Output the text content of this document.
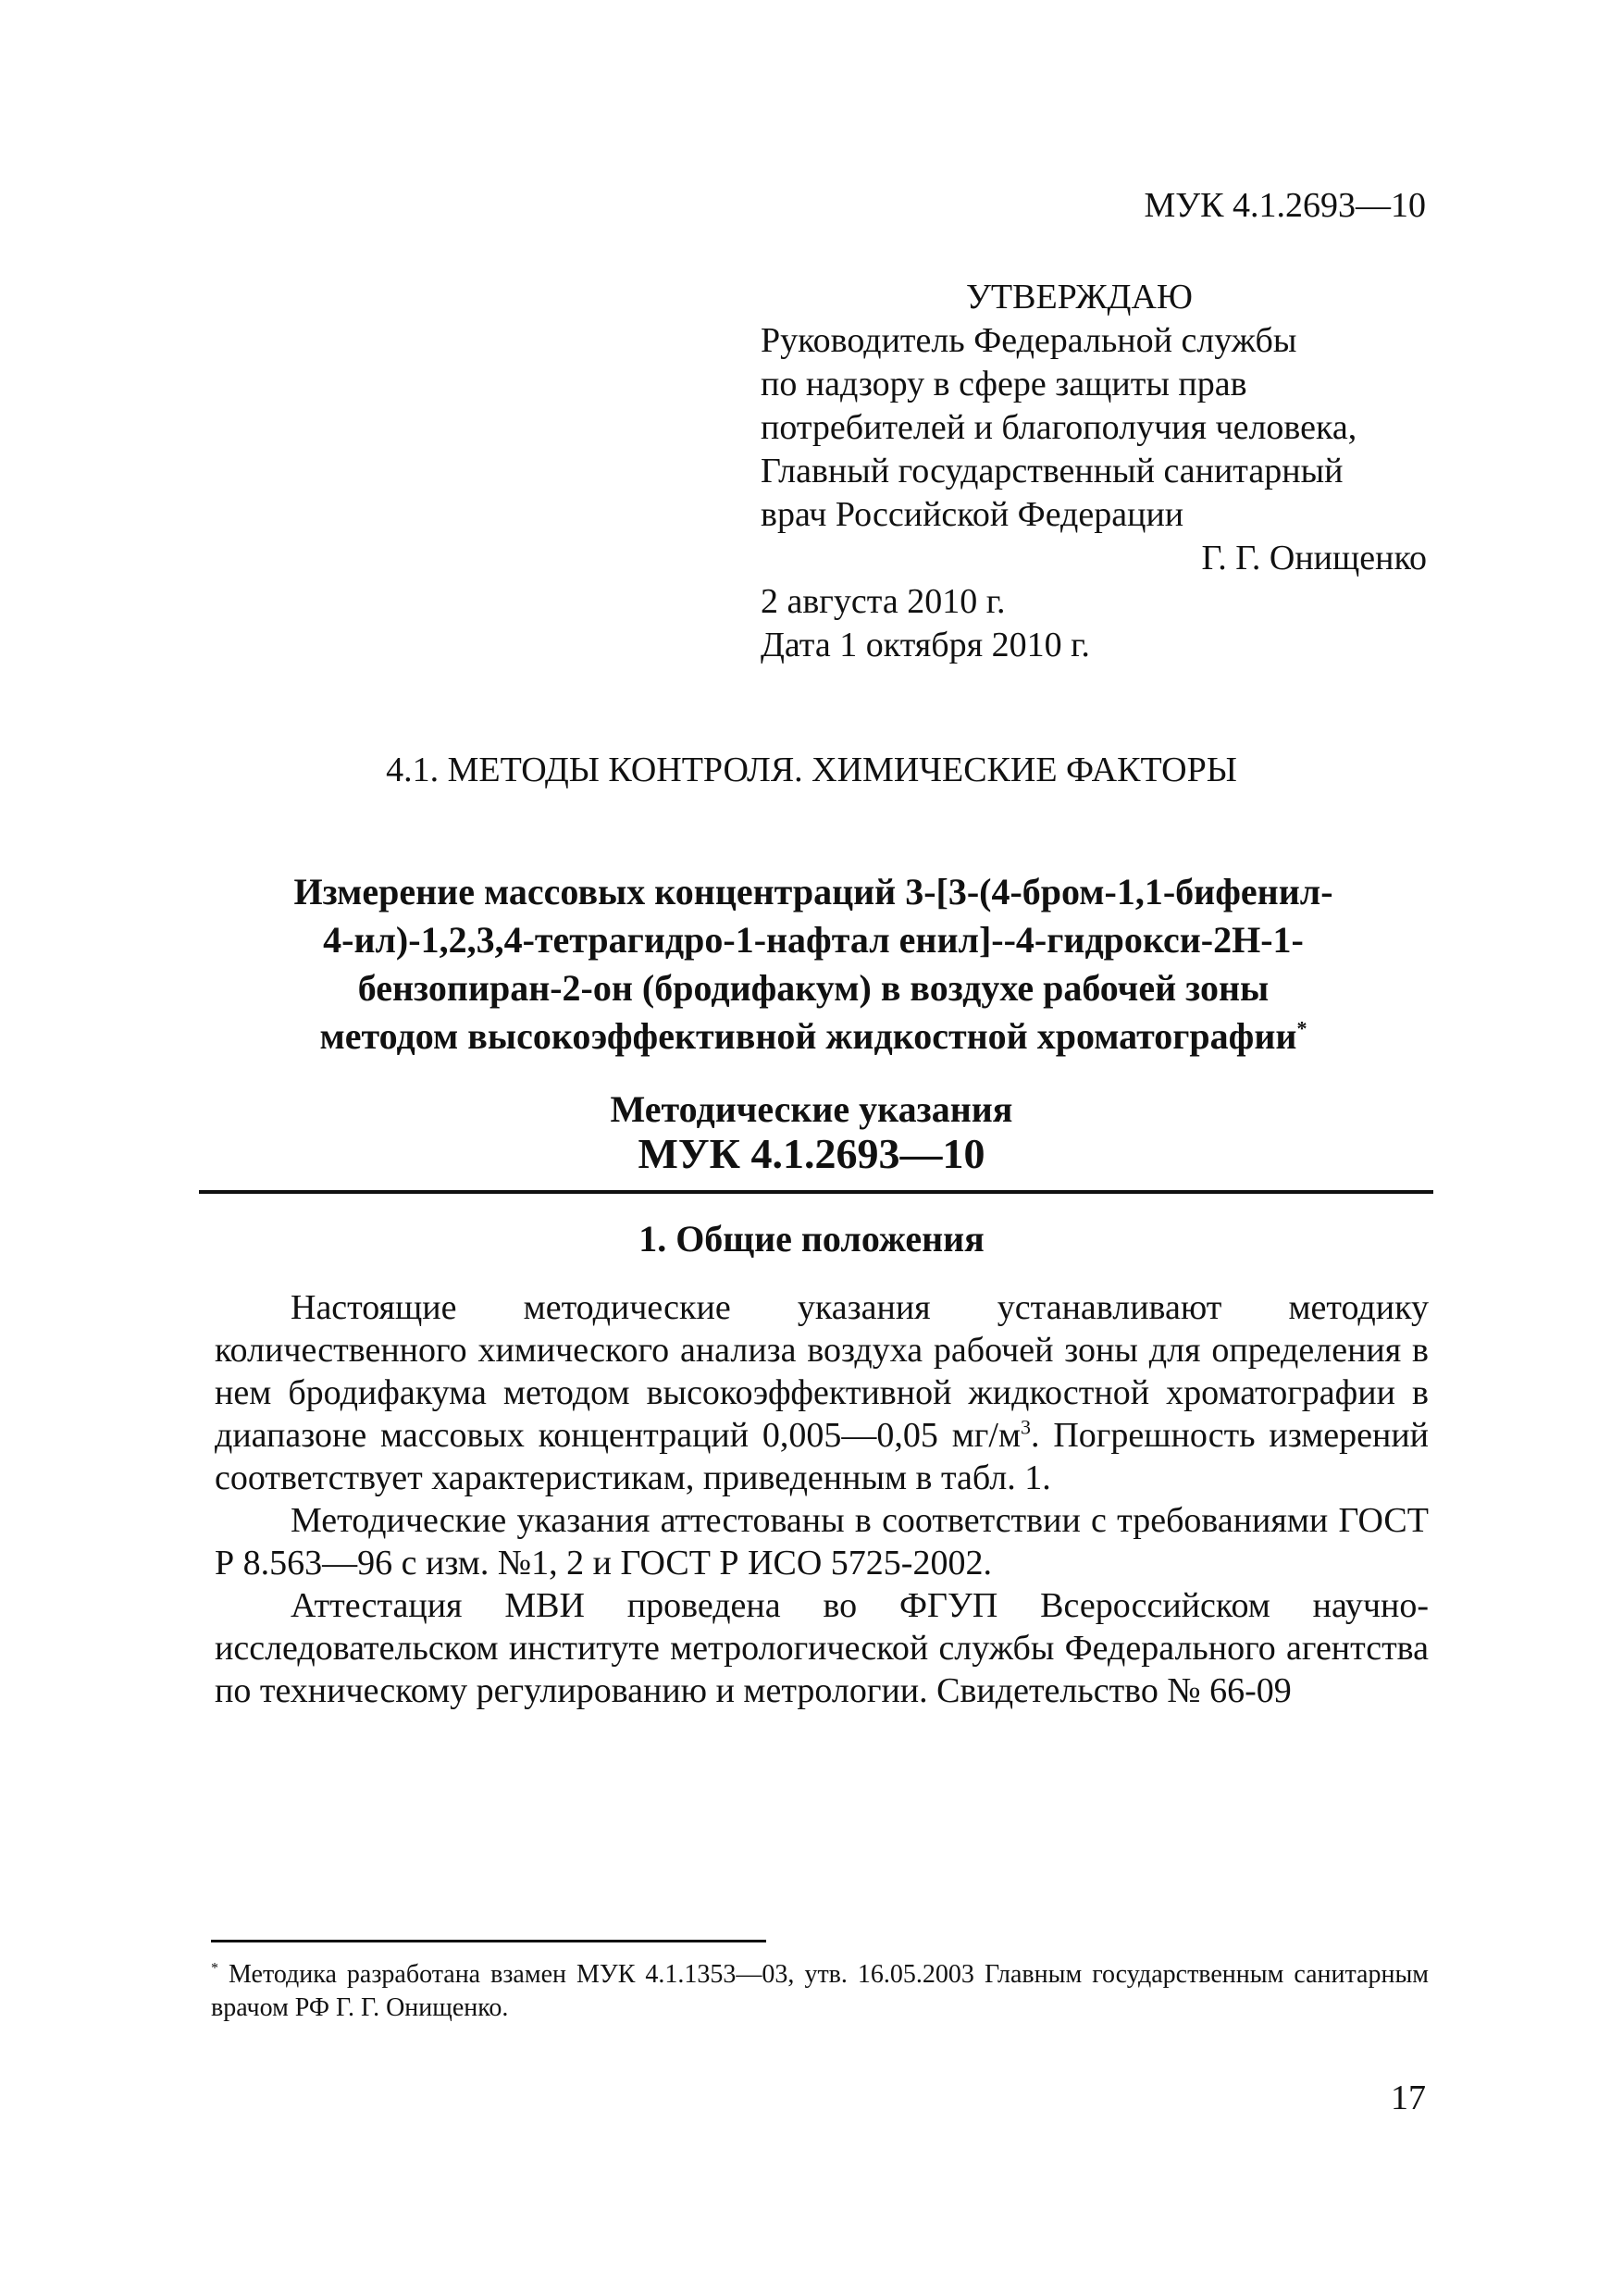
МУК 4.1.2693—10
УТВЕРЖДАЮ
Руководитель Федеральной службы
по надзору в сфере защиты прав
потребителей и благополучия человека,
Главный государственный санитарный
врач Российской Федерации
Г. Г. Онищенко
2 августа 2010 г.
Дата 1 октября 2010 г.
4.1. МЕТОДЫ КОНТРОЛЯ. ХИМИЧЕСКИЕ ФАКТОРЫ
Измерение массовых концентраций 3-[3-(4-бром-1,1-бифенил-
4-ил)-1,2,3,4-тетрагидро-1-нафтал енил]--4-гидрокси-2Н-1-
бензопиран-2-он (бродифакум) в воздухе рабочей зоны
методом высокоэффективной жидкостной хроматографии*
Методические указания
МУК 4.1.2693—10
1. Общие положения

Настоящие методические указания устанавливают методику количественного химического анализа воздуха рабочей зоны для определения в нем бродифакума методом высокоэффективной жидкостной хроматографии в диапазоне массовых концентраций 0,005—0,05 $мг/м^3$. Погрешность измерений соответствует характеристикам, приведенным в табл. 1.

Методические указания аттестованы в соответствии с требованиями ГОСТ Р 8.563—96 с изм. №1, 2 и ГОСТ Р ИСО 5725-2002.

Аттестация МВИ проведена во ФГУП Всероссийском научно-исследовательском институте метрологической службы Федерального агентства по техническому регулированию и метрологии. Свидетельство № 66-09

* Методика разработана взамен МУК 4.1.1353—03, утв. 16.05.2003 Главным государственным санитарным врачом РФ Г. Г. Онищенко.
17
